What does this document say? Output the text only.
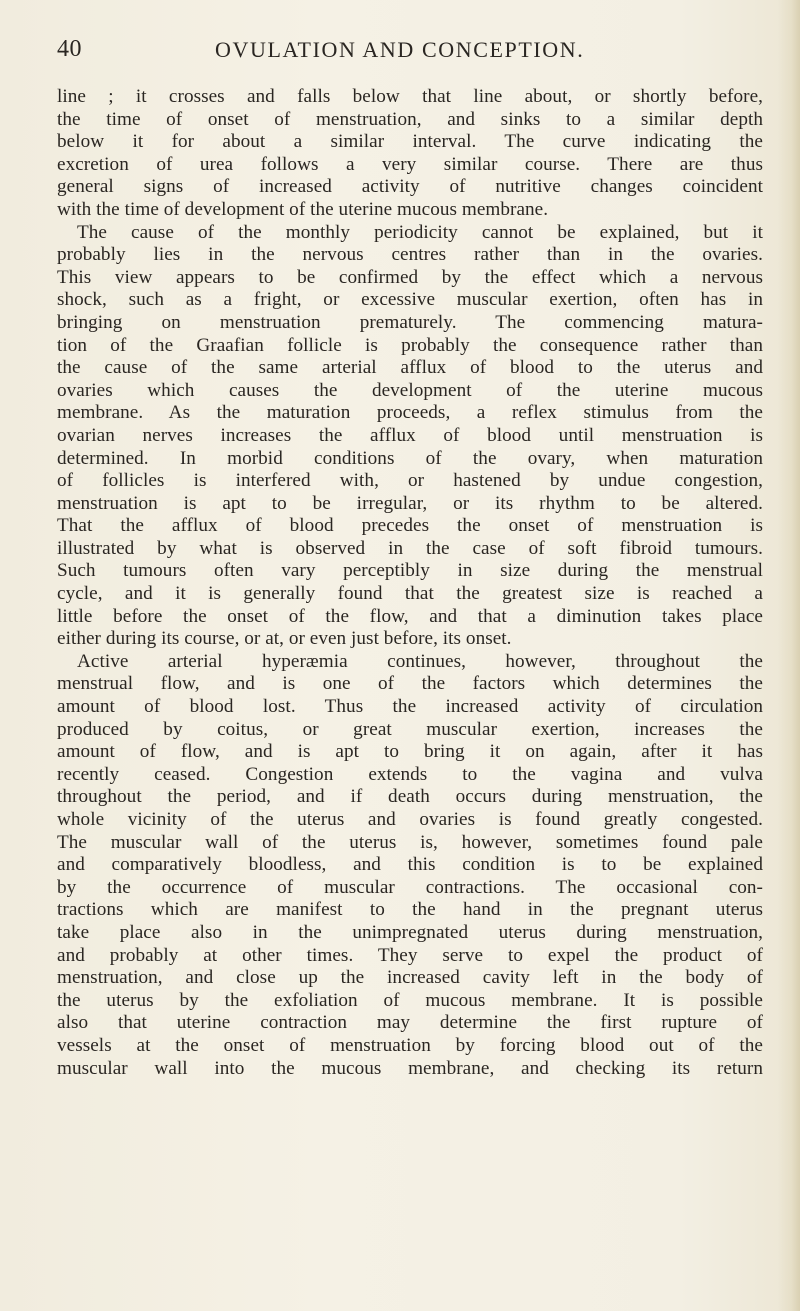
40	OVULATION AND CONCEPTION.
line ; it crosses and falls below that line about, or shortly before,
the time of onset of menstruation, and sinks to a similar depth
below it for about a similar interval. The curve indicating the
excretion of urea follows a very similar course. There are thus
general signs of increased activity of nutritive changes coincident
with the time of development of the uterine mucous membrane.
The cause of the monthly periodicity cannot be explained, but it
probably lies in the nervous centres rather than in the ovaries.
This view appears to be confirmed by the effect which a nervous
shock, such as a fright, or excessive muscular exertion, often has in
bringing on menstruation prematurely. The commencing matura-
tion of the Graafian follicle is probably the consequence rather than
the cause of the same arterial afflux of blood to the uterus and
ovaries which causes the development of the uterine mucous
membrane. As the maturation proceeds, a reflex stimulus from the
ovarian nerves increases the afflux of blood until menstruation is
determined. In morbid conditions of the ovary, when maturation
of follicles is interfered with, or hastened by undue congestion,
menstruation is apt to be irregular, or its rhythm to be altered.
That the afflux of blood precedes the onset of menstruation is
illustrated by what is observed in the case of soft fibroid tumours.
Such tumours often vary perceptibly in size during the menstrual
cycle, and it is generally found that the greatest size is reached a
little before the onset of the flow, and that a diminution takes place
either during its course, or at, or even just before, its onset.
Active arterial hyperæmia continues, however, throughout the
menstrual flow, and is one of the factors which determines the
amount of blood lost. Thus the increased activity of circulation
produced by coitus, or great muscular exertion, increases the
amount of flow, and is apt to bring it on again, after it has
recently ceased. Congestion extends to the vagina and vulva
throughout the period, and if death occurs during menstruation, the
whole vicinity of the uterus and ovaries is found greatly congested.
The muscular wall of the uterus is, however, sometimes found pale
and comparatively bloodless, and this condition is to be explained
by the occurrence of muscular contractions. The occasional con-
tractions which are manifest to the hand in the pregnant uterus
take place also in the unimpregnated uterus during menstruation,
and probably at other times. They serve to expel the product of
menstruation, and close up the increased cavity left in the body of
the uterus by the exfoliation of mucous membrane. It is possible
also that uterine contraction may determine the first rupture of
vessels at the onset of menstruation by forcing blood out of the
muscular wall into the mucous membrane, and checking its return
